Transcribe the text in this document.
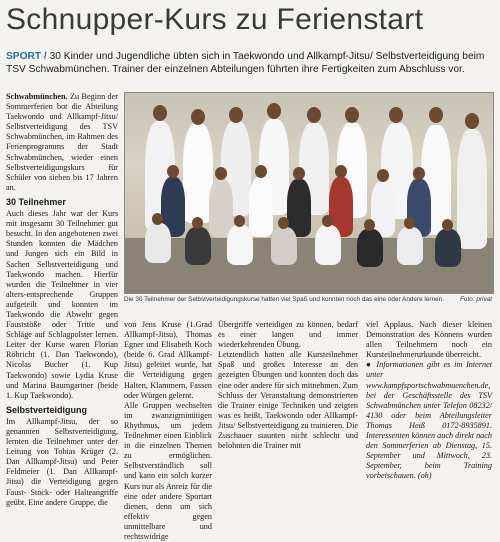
Schnupper-Kurs zu Ferienstart
SPORT / 30 Kinder und Jugendliche übten sich in Taekwondo und Allkampf-Jitsu/ Selbstverteidigung beim TSV Schwabmünchen. Trainer der einzelnen Abteilungen führten ihre Fertigkeiten zum Abschluss vor.

Schwabmünchen. Zu Beginn der Sommerferien bot die Abteilung Taekwondo und Allkampf-Jitsu/ Selbstverteidigung des TSV Schwabmünchen, im Rahmen des Ferienprogramms der Stadt Schwabmünchen, wieder einen Selbstverteidigungskurs für Schüler von sieben bis 17 Jahren an.

30 Teilnehmer

Auch dieses Jahr war der Kurs mit insgesamt 30 Teilnehmer gut besucht. In den angebotenen zwei Stunden konnten die Mädchen und Jungen sich ein Bild in Sachen Selbstverteidigung und Taekwondo machen. Hierfür wurden die Teilnehmer in vier alters-entsprechende Gruppen aufgeteilt und konnten im Taekwondo die Abwehr gegen Fauststöße oder Tritte und Schläge auf Schlagpolster lernen. Leiter der Kurse waren Florian Röhricht (1. Dan Taekwondo), Nicolas Bucher (1. Kup Taekwondo) sowie Lydia Kruse und Marina Baumgartner (beide 1. Kup Taekwondo).

Selbstverteidigung

Im Allkampf-Jitsu, der so genannten Selbstverteidigung, lernten die Teilnehmer unter der Leitung von Tobias Krüger (2. Dan Allkampf-Jitsu) und Peter Feldmeier (1. Dan Allkampf-Jitsu) die Verteidigung gegen Faust- Stock- oder Halteangriffe geübt. Eine andere Gruppe, die

Die 30 Teilnehmer der Selbstverteidigungskurse hatten viel Spaß und konnten noch das eine oder Andere lernen.	Foto: privat

von Jens Kruse (1.Grad Allkampf-Jitsu), Thomas Egner und Elisabeth Koch (beide 6. Grad Allkampf-Jitsu) geleitet wurde, hat die Verteidigung gegen Halten, Klammern, Fassen oder Würgen gelernt.

Alle Gruppen wechselten im zwanzigminütigen Rhythmus, um jedem Teilnehmer einen Einblick in die einzelnen Themen zu ermöglichen. Selbstverständlich soll und kann ein solch kurzer Kurs nur als Anreiz für die eine oder andere Sportart dienen, denn um sich effektiv gegen unmittelbare und rechtswidrige

Übergriffe verteidigen zu können, bedarf es einer langen und immer wiederkehrenden Übung.

Letztendlich hatten alle Kursteilnehmer Spaß und großes Interesse an den gezeigten Übungen und konnten doch das eine oder andere für sich mitnehmen. Zum Schluss der Veranstaltung demonstrierten die Trainer einige Techniken und zeigten was es heißt, Taekwondo oder Allkampf-Jitsu/ Selbstverteidigung zu trainieren. Die Zuschauer staunten nicht schlecht und belohnten die Trainer mit

viel Applaus. Nach dieser kleinen Demonstration des Könnens wurden allen Teilnehmern noch ein Kursteilnehmerurkunde überreicht.

● Informationen gibt es im Internet unter www.kampfsportschwabmuenchen.de, bei der Geschäftsstelle des TSV Schwabmünchen unter Telefon 08232/ 4130 oder beim Abteilungsleiter Thomas Heiß 0172-8935891. Interessenten können auch direkt nach den Sommerferien ab Dienstag, 15. September und Mittwoch, 23. September, beim Training vorbeischauen. (oh)
